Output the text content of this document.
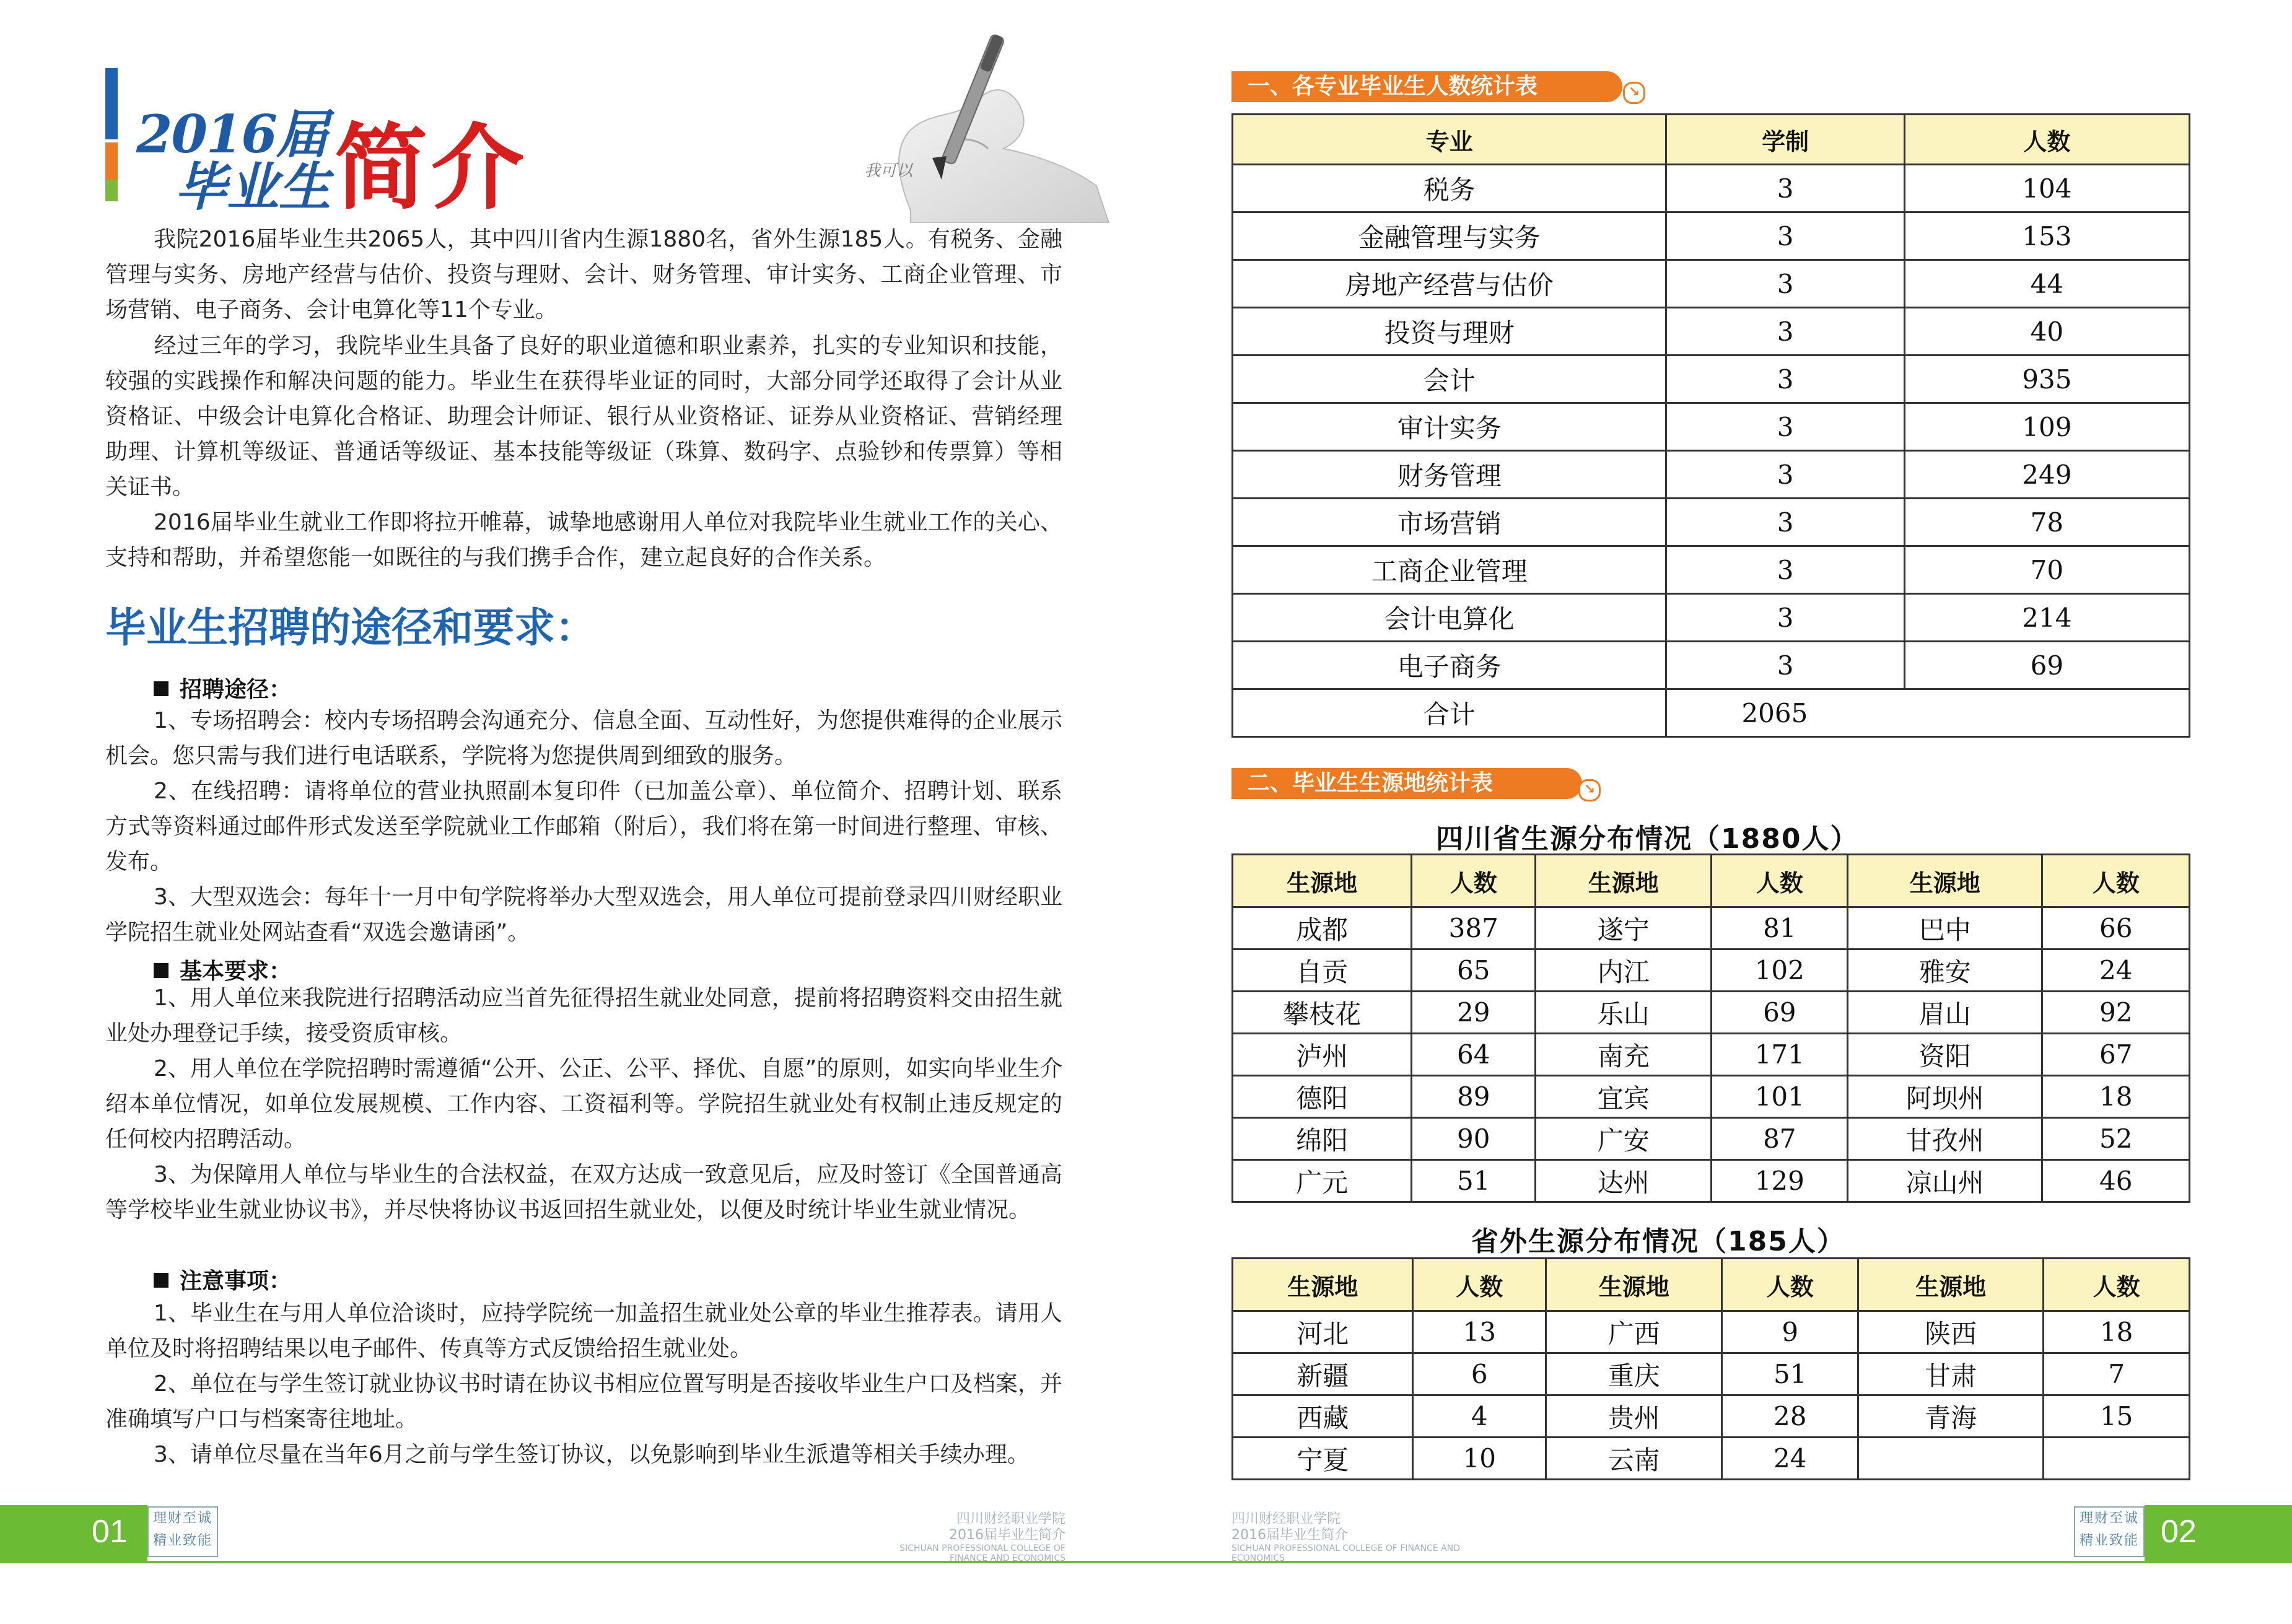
2016届
毕业生 简介	我可以
我院2016届毕业生共2065人，其中四川省内生源1880名，省外生源185人。有税务、金融管理与实务、房地产经营与估价、投资与理财、会计、财务管理、审计实务、工商企业管理、市场营销、电子商务、会计电算化等11个专业。
经过三年的学习，我院毕业生具备了良好的职业道德和职业素养，扎实的专业知识和技能，较强的实践操作和解决问题的能力。毕业生在获得毕业证的同时，大部分同学还取得了会计从业资格证、中级会计电算化合格证、助理会计师证、银行从业资格证、证券从业资格证、营销经理助理、计算机等级证、普通话等级证、基本技能等级证（珠算、数码字、点验钞和传票算）等相关证书。
2016届毕业生就业工作即将拉开帷幕，诚挚地感谢用人单位对我院毕业生就业工作的关心、支持和帮助，并希望您能一如既往的与我们携手合作，建立起良好的合作关系。
毕业生招聘的途径和要求：
招聘途径：
1、专场招聘会：校内专场招聘会沟通充分、信息全面、互动性好，为您提供难得的企业展示机会。您只需与我们进行电话联系，学院将为您提供周到细致的服务。
2、在线招聘：请将单位的营业执照副本复印件（已加盖公章）、单位简介、招聘计划、联系方式等资料通过邮件形式发送至学院就业工作邮箱（附后），我们将在第一时间进行整理、审核、发布。
3、大型双选会：每年十一月中旬学院将举办大型双选会，用人单位可提前登录四川财经职业学院招生就业处网站查看“双选会邀请函”。
基本要求：
1、用人单位来我院进行招聘活动应当首先征得招生就业处同意，提前将招聘资料交由招生就业处办理登记手续，接受资质审核。
2、用人单位在学院招聘时需遵循“公开、公正、公平、择优、自愿”的原则，如实向毕业生介绍本单位情况，如单位发展规模、工作内容、工资福利等。学院招生就业处有权制止违反规定的任何校内招聘活动。
3、为保障用人单位与毕业生的合法权益，在双方达成一致意见后，应及时签订《全国普通高等学校毕业生就业协议书》，并尽快将协议书返回招生就业处，以便及时统计毕业生就业情况。
注意事项：
1、毕业生在与用人单位洽谈时，应持学院统一加盖招生就业处公章的毕业生推荐表。请用人单位及时将招聘结果以电子邮件、传真等方式反馈给招生就业处。
2、单位在与学生签订就业协议书时请在协议书相应位置写明是否接收毕业生户口及档案，并准确填写户口与档案寄往地址。
3、请单位尽量在当年6月之前与学生签订协议，以免影响到毕业生派遣等相关手续办理。
01	理财至诚
精业致能
四川财经职业学院
2016届毕业生简介
SICHUAN PROFESSIONAL COLLEGE OF FINANCE AND ECONOMICS
一、各专业毕业生人数统计表	↘
专业	学制	人数
税务	3	104
金融管理与实务	3	153
房地产经营与估价	3	44
投资与理财	3	40
会计	3	935
审计实务	3	109
财务管理	3	249
市场营销	3	78
工商企业管理	3	70
会计电算化	3	214
电子商务	3	69
合计	2065	
二、毕业生生源地统计表	↘
四川省生源分布情况（1880人）
生源地	人数	生源地	人数	生源地	人数
成都	387	遂宁	81	巴中	66
自贡	65	内江	102	雅安	24
攀枝花	29	乐山	69	眉山	92
泸州	64	南充	171	资阳	67
德阳	89	宜宾	101	阿坝州	18
绵阳	90	广安	87	甘孜州	52
广元	51	达州	129	凉山州	46
省外生源分布情况（185人）
生源地	人数	生源地	人数	生源地	人数
河北	13	广西	9	陕西	18
新疆	6	重庆	51	甘肃	7
西藏	4	贵州	28	青海	15
宁夏	10	云南	24		
02
理财至诚
精业致能
四川财经职业学院
2016届毕业生简介
SICHUAN PROFESSIONAL COLLEGE OF FINANCE AND ECONOMICS
